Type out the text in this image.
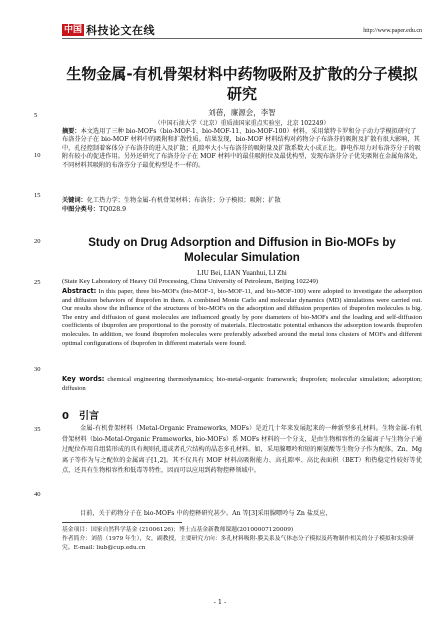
中国 科技论文在线	http://www.paper.edu.cn
生物金属-有机骨架材料中药物吸附及扩散的分子模拟研究
刘蓓，廉源会，李智
（中国石油大学（北京）重质油国家重点实验室，北京 102249）
摘要：本文选用了三种 bio-MOFs（bio-MOF-1、bio-MOF-11、bio-MOF-100）材料，采用蒙特卡罗和分子动力学模拟研究了布洛芬分子在 bio-MOF 材料中的吸附和扩散性质。结果发现，bio-MOF 材料结构对药物分子布洛芬的吸附及扩散有很大影响，其中，孔径控制着客体分子布洛芬的进入及扩散；孔隙率大小与布洛芬的吸附量及扩散系数大小成正比。静电作用力对布洛芬分子的吸附有较小的促进作用。另外还研究了布洛芬分子在 MOF 材料中的最佳吸附位及最优构型，发现布洛芬分子优先吸附在金属角落处，不同材料其吸附的布洛芬分子最优构型是不一样的。
关键词：化工热力学；生物金属-有机骨架材料；布洛芬；分子模拟；吸附；扩散
中图分类号：TQ028.9
Study on Drug Adsorption and Diffusion in Bio-MOFs by Molecular Simulation
LIU Bei, LIAN Yuanhui, LI Zhi
(State Key Laboratory of Heavy Oil Processing, China University of Petroleum, Beijing 102249)
Abstract: In this paper, three bio-MOFs (bio-MOF-1, bio-MOF-11, and bio-MOF-100) were adopted to investigate the adsorption and diffusion behaviors of ibuprofen in them. A combined Monte Carlo and molecular dynamics (MD) simulations were carried out. Our results show the influence of the structures of bio-MOFs on the adsorption and diffusion properties of ibuprofen molecules is big. The entry and diffusion of guest molecules are influenced greatly by pore diameters of bio-MOFs and the loading and self-diffusion coefficients of ibuprofen are proportional to the porosity of materials. Electrostatic potential enhances the adsorption towards ibuprofen molecules. In addition, we found ibuprofen molecules were preferably adsorbed around the metal ions clusters of MOFs and different optimal configurations of ibuprofen in different materials were found.
Key words: chemical engineering thermodynamics; bio-metal-organic framework; ibuprofen; molecular simulation; adsorption; diffusion
0　引言
金属-有机骨架材料（Metal-Organic Frameworks, MOFs）是近几十年来发展起来的一种新型多孔材料。生物金属-有机骨架材料（bio-Metal-Organic Frameworks, bio-MOFs）系 MOFs 材料的一个分支，是由生物相容性的金属离子与生物分子通过配位作用自组装形成的具有规则孔道或者孔穴结构的晶态多孔材料。如，采用腺嘌呤和短的刚氨酸等生物分子作为配体，Zn、Mg 离子等作为与之配位的金属离子[1,2]。其不仅具有 MOF 材料高吸附能力、高孔隙率、高比表面积（BET）和热稳定性较好等优点，还具有生物相容性和低毒等特性，因而可以应用到药物控释领域中。
目前，关于药物分子在 bio-MOFs 中的控释研究甚少。An 等[3]采用腺嘌呤与 Zn 盐反应，
基金项目：国家自然科学基金 (21006126)；博士点基金新教师课题(20100007120009)
作者简介：刘蓓（1979 年生），女，副教授，主要研究方向：多孔材料吸附-膜关系及气体态分子模拟及药物制作相关的分子模拟和实验研究。E-mail: liub@cup.edu.cn
5
10
15
20
25
30
35
40
- 1 -
